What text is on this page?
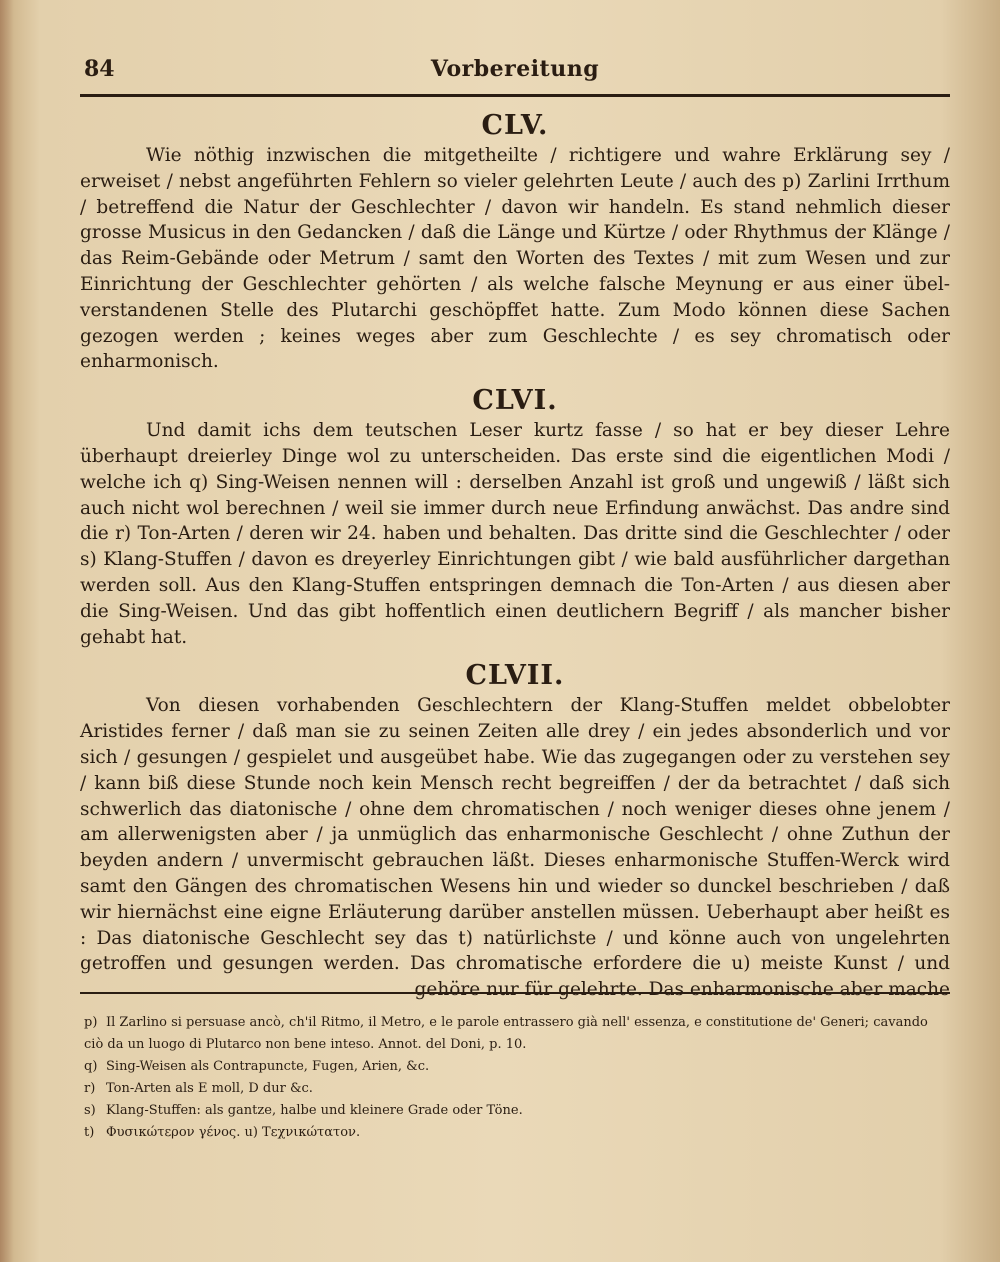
84	Vorbereitung
CLV.

Wie nöthig inzwischen die mitgetheilte / richtigere und wahre Erklärung sey / erweiset / nebst angeführten Fehlern so vieler gelehrten Leute / auch des p) Zarlini Irrthum / betreffend die Natur der Geschlechter / davon wir handeln. Es stand nehmlich dieser grosse Musicus in den Gedancken / daß die Länge und Kürtze / oder Rhythmus der Klänge / das Reim-Gebände oder Metrum / samt den Worten des Textes / mit zum Wesen und zur Einrichtung der Geschlechter gehörten / als welche falsche Meynung er aus einer übel-verstandenen Stelle des Plutarchi geschöpffet hatte. Zum Modo können diese Sachen gezogen werden ; keines weges aber zum Geschlechte / es sey chromatisch oder enharmonisch.

CLVI.

Und damit ichs dem teutschen Leser kurtz fasse / so hat er bey dieser Lehre überhaupt dreierley Dinge wol zu unterscheiden. Das erste sind die eigentlichen Modi / welche ich q) Sing-Weisen nennen will : derselben Anzahl ist groß und ungewiß / läßt sich auch nicht wol berechnen / weil sie immer durch neue Erfindung anwächst. Das andre sind die r) Ton-Arten / deren wir 24. haben und behalten. Das dritte sind die Geschlechter / oder s) Klang-Stuffen / davon es dreyerley Einrichtungen gibt / wie bald ausführlicher dargethan werden soll. Aus den Klang-Stuffen entspringen demnach die Ton-Arten / aus diesen aber die Sing-Weisen. Und das gibt hoffentlich einen deutlichern Begriff / als mancher bisher gehabt hat.

CLVII.

Von diesen vorhabenden Geschlechtern der Klang-Stuffen meldet obbelobter Aristides ferner / daß man sie zu seinen Zeiten alle drey / ein jedes absonderlich und vor sich / gesungen / gespielet und ausgeübet habe. Wie das zugegangen oder zu verstehen sey / kann biß diese Stunde noch kein Mensch recht begreiffen / der da betrachtet / daß sich schwerlich das diatonische / ohne dem chromatischen / noch weniger dieses ohne jenem / am allerwenigsten aber / ja unmüglich das enharmonische Geschlecht / ohne Zuthun der beyden andern / unvermischt gebrauchen läßt. Dieses enharmonische Stuffen-Werck wird samt den Gängen des chromatischen Wesens hin und wieder so dunckel beschrieben / daß wir hiernächst eine eigne Erläuterung darüber anstellen müssen. Ueberhaupt aber heißt es : Das diatonische Geschlecht sey das t) natürlichste / und könne auch von ungelehrten getroffen und gesungen werden. Das chromatische erfordere die u) meiste Kunst / und gehöre nur für gelehrte. Das enharmonische aber mache

p) Il Zarlino si persuase ancò, ch'il Ritmo, il Metro, e le parole entrassero già nell' essenza, e constitutione de' Generi; cavando ciò da un luogo di Plutarco non bene inteso. Annot. del Doni, p. 10.

q) Sing-Weisen als Contrapuncte, Fugen, Arien, &c.

r) Ton-Arten als E moll, D dur &c.

s) Klang-Stuffen: als gantze, halbe und kleinere Grade oder Töne.

t) Φυσικώτερον γένος. u) Τεχνικώτατον.
